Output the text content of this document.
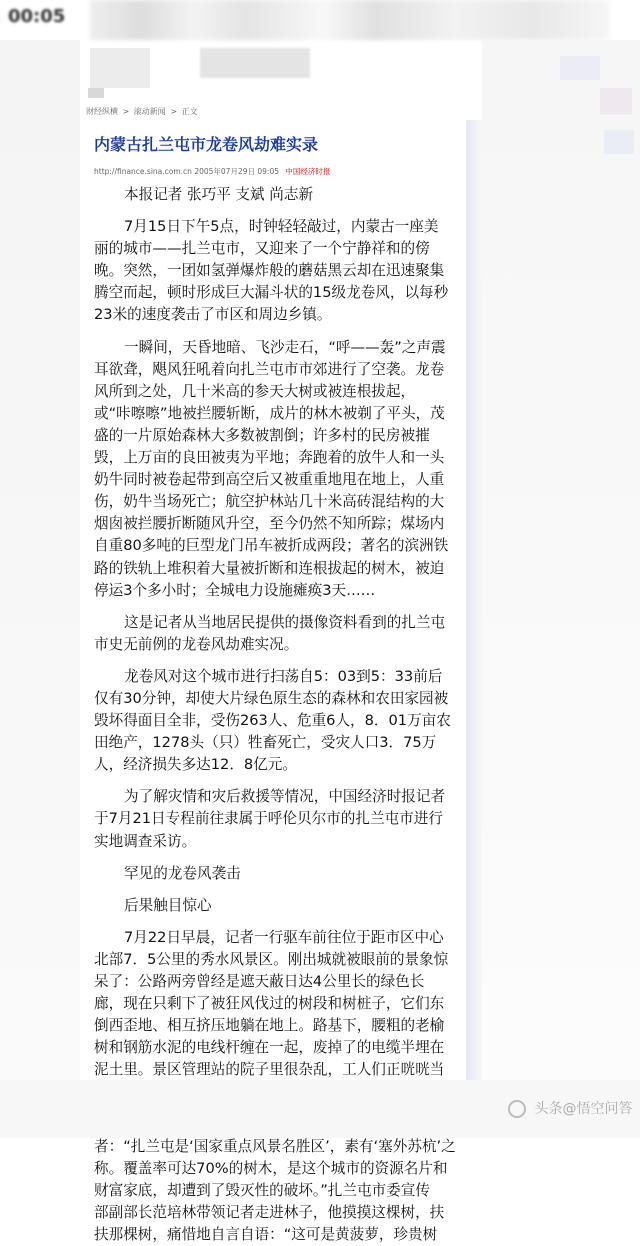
00:05
财经纵横 > 滚动新闻 > 正文
内蒙古扎兰屯市龙卷风劫难实录
http://finance.sina.com.cn 2005年07月29日 09:05 中国经济时报
本报记者 张巧平 支斌 尚志新
7月15日下午5点，时钟轻轻敲过，内蒙古一座美
丽的城市——扎兰屯市，又迎来了一个宁静祥和的傍
晚。突然，一团如氢弹爆炸般的蘑菇黑云却在迅速聚集
腾空而起，顿时形成巨大漏斗状的15级龙卷风，以每秒
23米的速度袭击了市区和周边乡镇。
一瞬间，天昏地暗、飞沙走石，“呼——轰”之声震
耳欲聋，飓风狂吼着向扎兰屯市市郊进行了空袭。龙卷
风所到之处，几十米高的参天大树或被连根拔起，
或“咔嚓嚓”地被拦腰斩断，成片的林木被剃了平头，茂
盛的一片原始森林大多数被割倒；许多村的民房被摧
毁，上万亩的良田被夷为平地；奔跑着的放牛人和一头
奶牛同时被卷起带到高空后又被重重地甩在地上，人重
伤，奶牛当场死亡；航空护林站几十米高砖混结构的大
烟囱被拦腰折断随风升空，至今仍然不知所踪；煤场内
自重80多吨的巨型龙门吊车被折成两段；著名的滨洲铁
路的铁轨上堆积着大量被折断和连根拔起的树木，被迫
停运3个多小时；全城电力设施瘫痪3天……
这是记者从当地居民提供的摄像资料看到的扎兰屯
市史无前例的龙卷风劫难实况。
龙卷风对这个城市进行扫荡自5：03到5：33前后
仅有30分钟，却使大片绿色原生态的森林和农田家园被
毁坏得面目全非，受伤263人、危重6人，8．01万亩农
田绝产，1278头（只）牲畜死亡，受灾人口3．75万
人，经济损失多达12．8亿元。
为了解灾情和灾后救援等情况，中国经济时报记者
于7月21日专程前往隶属于呼伦贝尔市的扎兰屯市进行
实地调查采访。
罕见的龙卷风袭击
后果触目惊心
7月22日早晨，记者一行驱车前往位于距市区中心
北部7．5公里的秀水风景区。刚出城就被眼前的景象惊
呆了：公路两旁曾经是遮天蔽日达4公里长的绿色长
廊，现在只剩下了被狂风伐过的树段和树桩子，它们东
倒西歪地、相互挤压地躺在地上。路基下，腰粗的老榆
树和钢筋水泥的电线杆缠在一起，废掉了的电缆半埋在
泥土里。景区管理站的院子里很杂乱，工人们正咣咣当
者：“扎兰屯是‘国家重点风景名胜区’，素有‘塞外苏杭’之
称。覆盖率可达70%的树木，是这个城市的资源名片和
财富家底，却遭到了毁灭性的破坏。”扎兰屯市委宣传
部副部长范培林带领记者走进林子，他摸摸这棵树，扶
扶那棵树，痛惜地自言自语：“这可是黄菠萝，珍贵树
头条@悟空问答
